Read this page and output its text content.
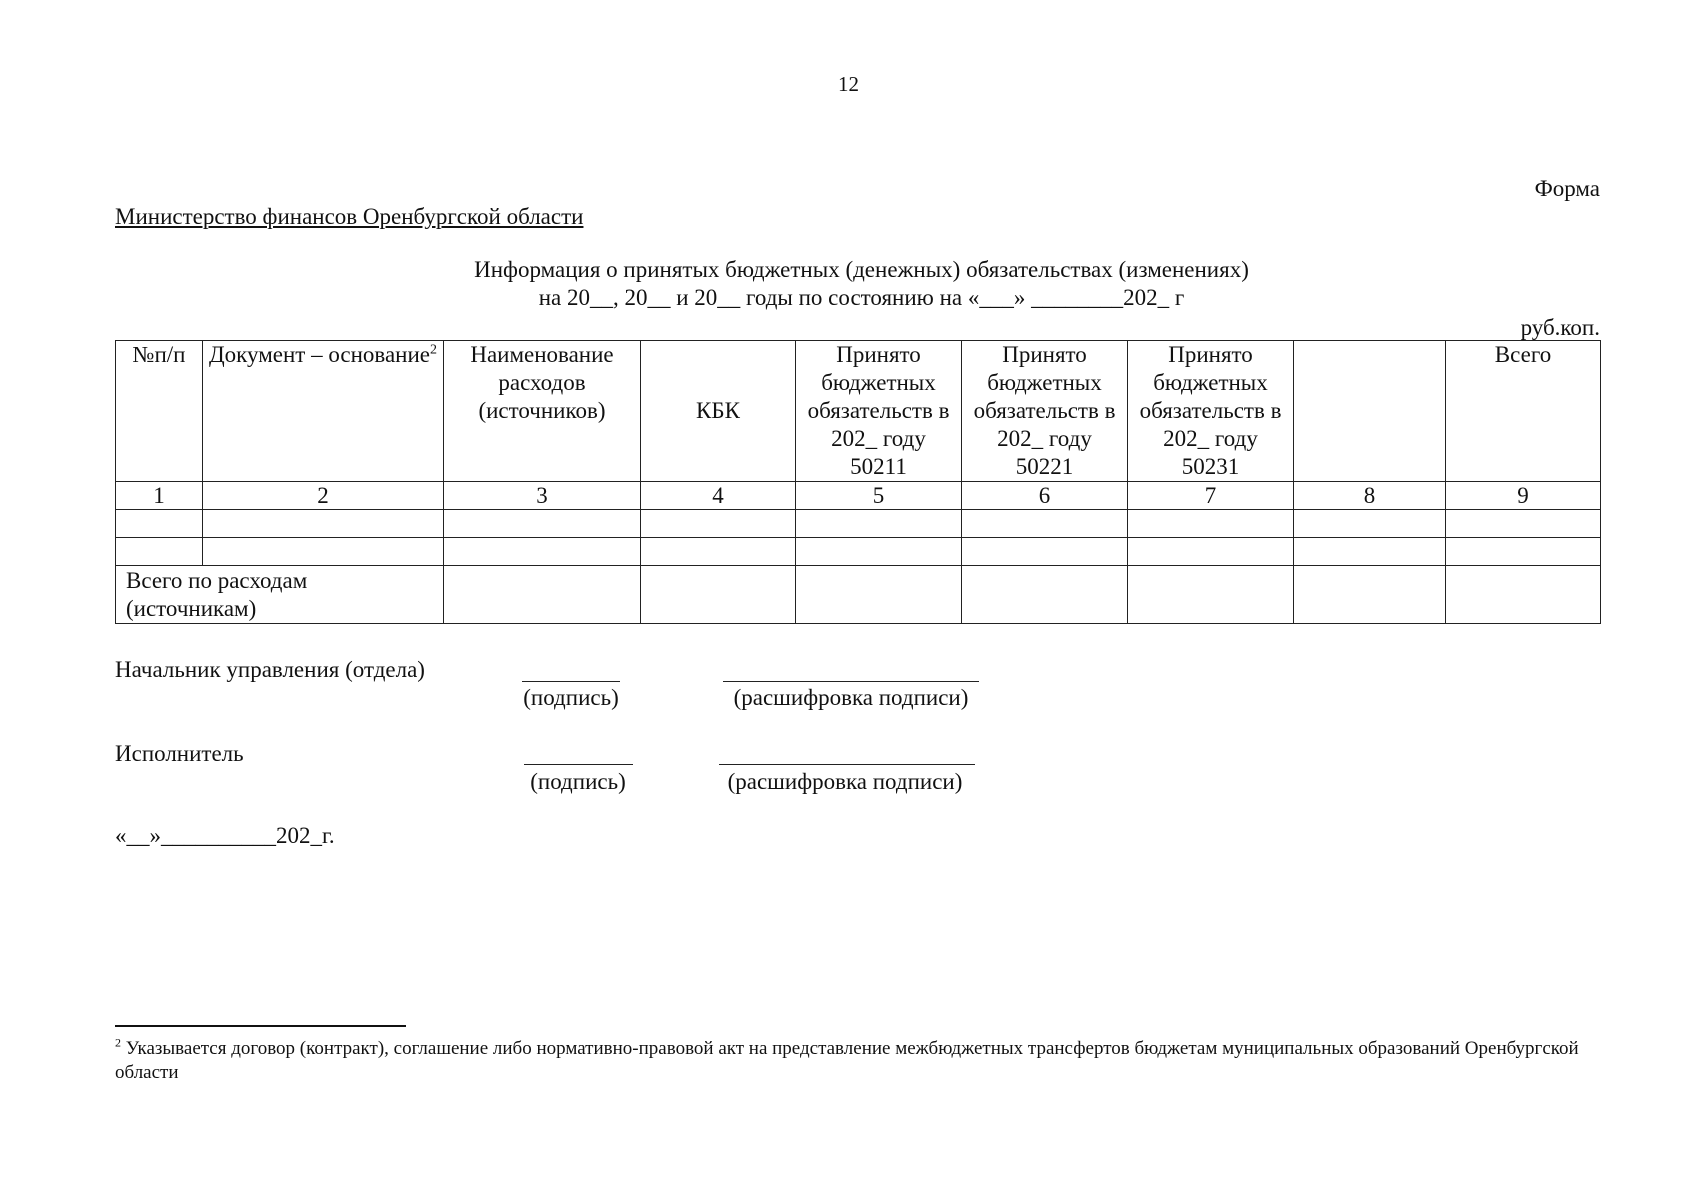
12
Форма
Министерство финансов Оренбургской области
Информация о принятых бюджетных (денежных) обязательствах (изменениях)
на 20__, 20__ и 20__ годы по состоянию на «___» ________202_ г
руб.коп.
№п/п	Документ – основание$^2$	Наименование расходов (источников)	КБК	Принято бюджетных обязательств в 202_ году 50211	Принято бюджетных обязательств в 202_ году 50221	Принято бюджетных обязательств в 202_ году 50231		Всего
1	2	3	4	5	6	7	8	9

Всего по расходам (источникам)								
Начальник управления (отдела)
(подпись)	(расшифровка подписи)
Исполнитель
(подпись)	(расшифровка подписи)
«__»__________202_г.
$^2$ Указывается договор (контракт), соглашение либо нормативно-правовой акт на представление межбюджетных трансфертов бюджетам муниципальных образований Оренбургской области
